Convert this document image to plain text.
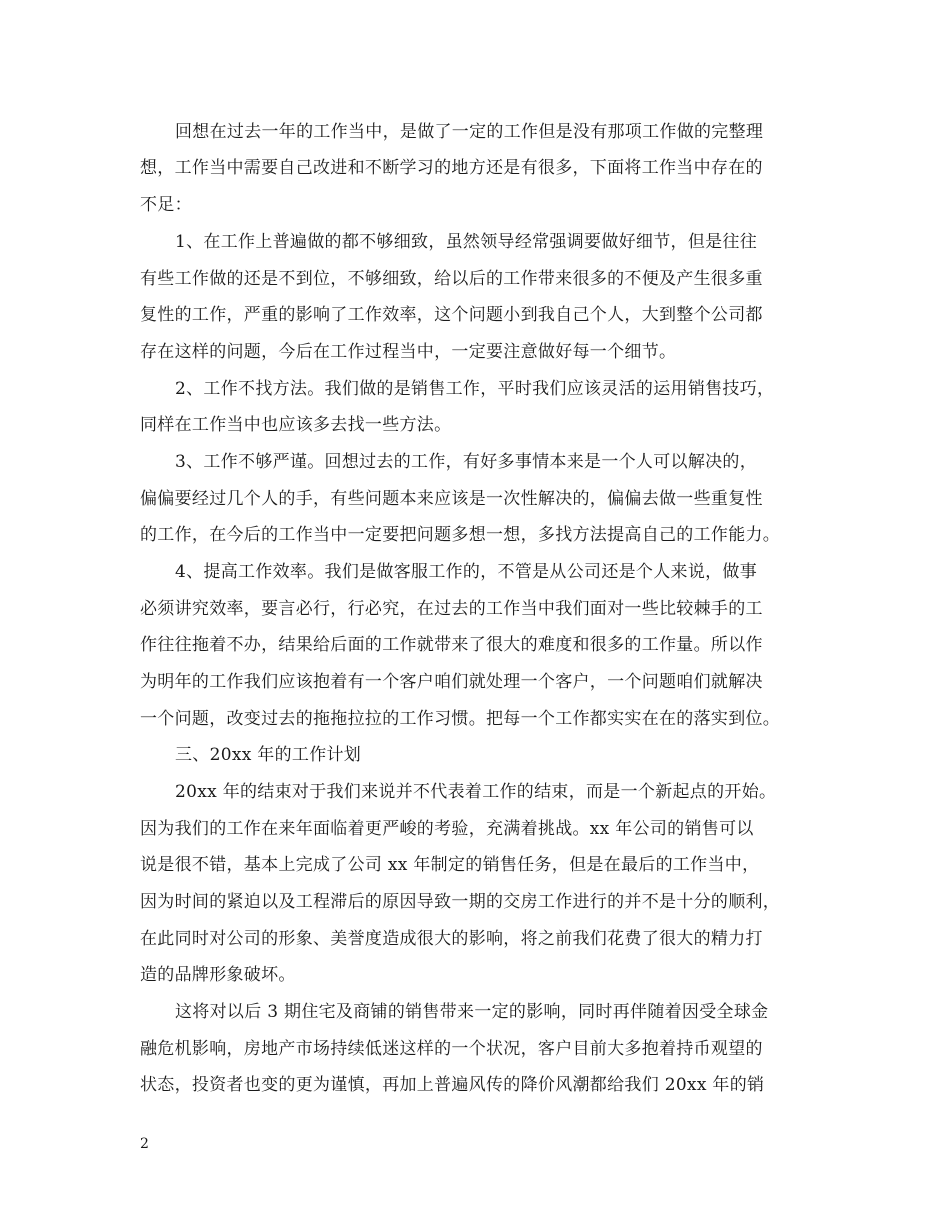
回想在过去一年的工作当中，是做了一定的工作但是没有那项工作做的完整理
想，工作当中需要自己改进和不断学习的地方还是有很多，下面将工作当中存在的
不足：
1、在工作上普遍做的都不够细致，虽然领导经常强调要做好细节，但是往往
有些工作做的还是不到位，不够细致，给以后的工作带来很多的不便及产生很多重
复性的工作，严重的影响了工作效率，这个问题小到我自己个人，大到整个公司都
存在这样的问题，今后在工作过程当中，一定要注意做好每一个细节。
2、工作不找方法。我们做的是销售工作，平时我们应该灵活的运用销售技巧，
同样在工作当中也应该多去找一些方法。
3、工作不够严谨。回想过去的工作，有好多事情本来是一个人可以解决的，
偏偏要经过几个人的手，有些问题本来应该是一次性解决的，偏偏去做一些重复性
的工作，在今后的工作当中一定要把问题多想一想，多找方法提高自己的工作能力。
4、提高工作效率。我们是做客服工作的，不管是从公司还是个人来说，做事
必须讲究效率，要言必行，行必究，在过去的工作当中我们面对一些比较棘手的工
作往往拖着不办，结果给后面的工作就带来了很大的难度和很多的工作量。所以作
为明年的工作我们应该抱着有一个客户咱们就处理一个客户，一个问题咱们就解决
一个问题，改变过去的拖拖拉拉的工作习惯。把每一个工作都实实在在的落实到位。
三、20xx 年的工作计划
20xx 年的结束对于我们来说并不代表着工作的结束，而是一个新起点的开始。
因为我们的工作在来年面临着更严峻的考验，充满着挑战。xx 年公司的销售可以
说是很不错，基本上完成了公司 xx 年制定的销售任务，但是在最后的工作当中，
因为时间的紧迫以及工程滞后的原因导致一期的交房工作进行的并不是十分的顺利，
在此同时对公司的形象、美誉度造成很大的影响，将之前我们花费了很大的精力打
造的品牌形象破坏。
这将对以后 3 期住宅及商铺的销售带来一定的影响，同时再伴随着因受全球金
融危机影响，房地产市场持续低迷这样的一个状况，客户目前大多抱着持币观望的
状态，投资者也变的更为谨慎，再加上普遍风传的降价风潮都给我们 20xx 年的销
2
